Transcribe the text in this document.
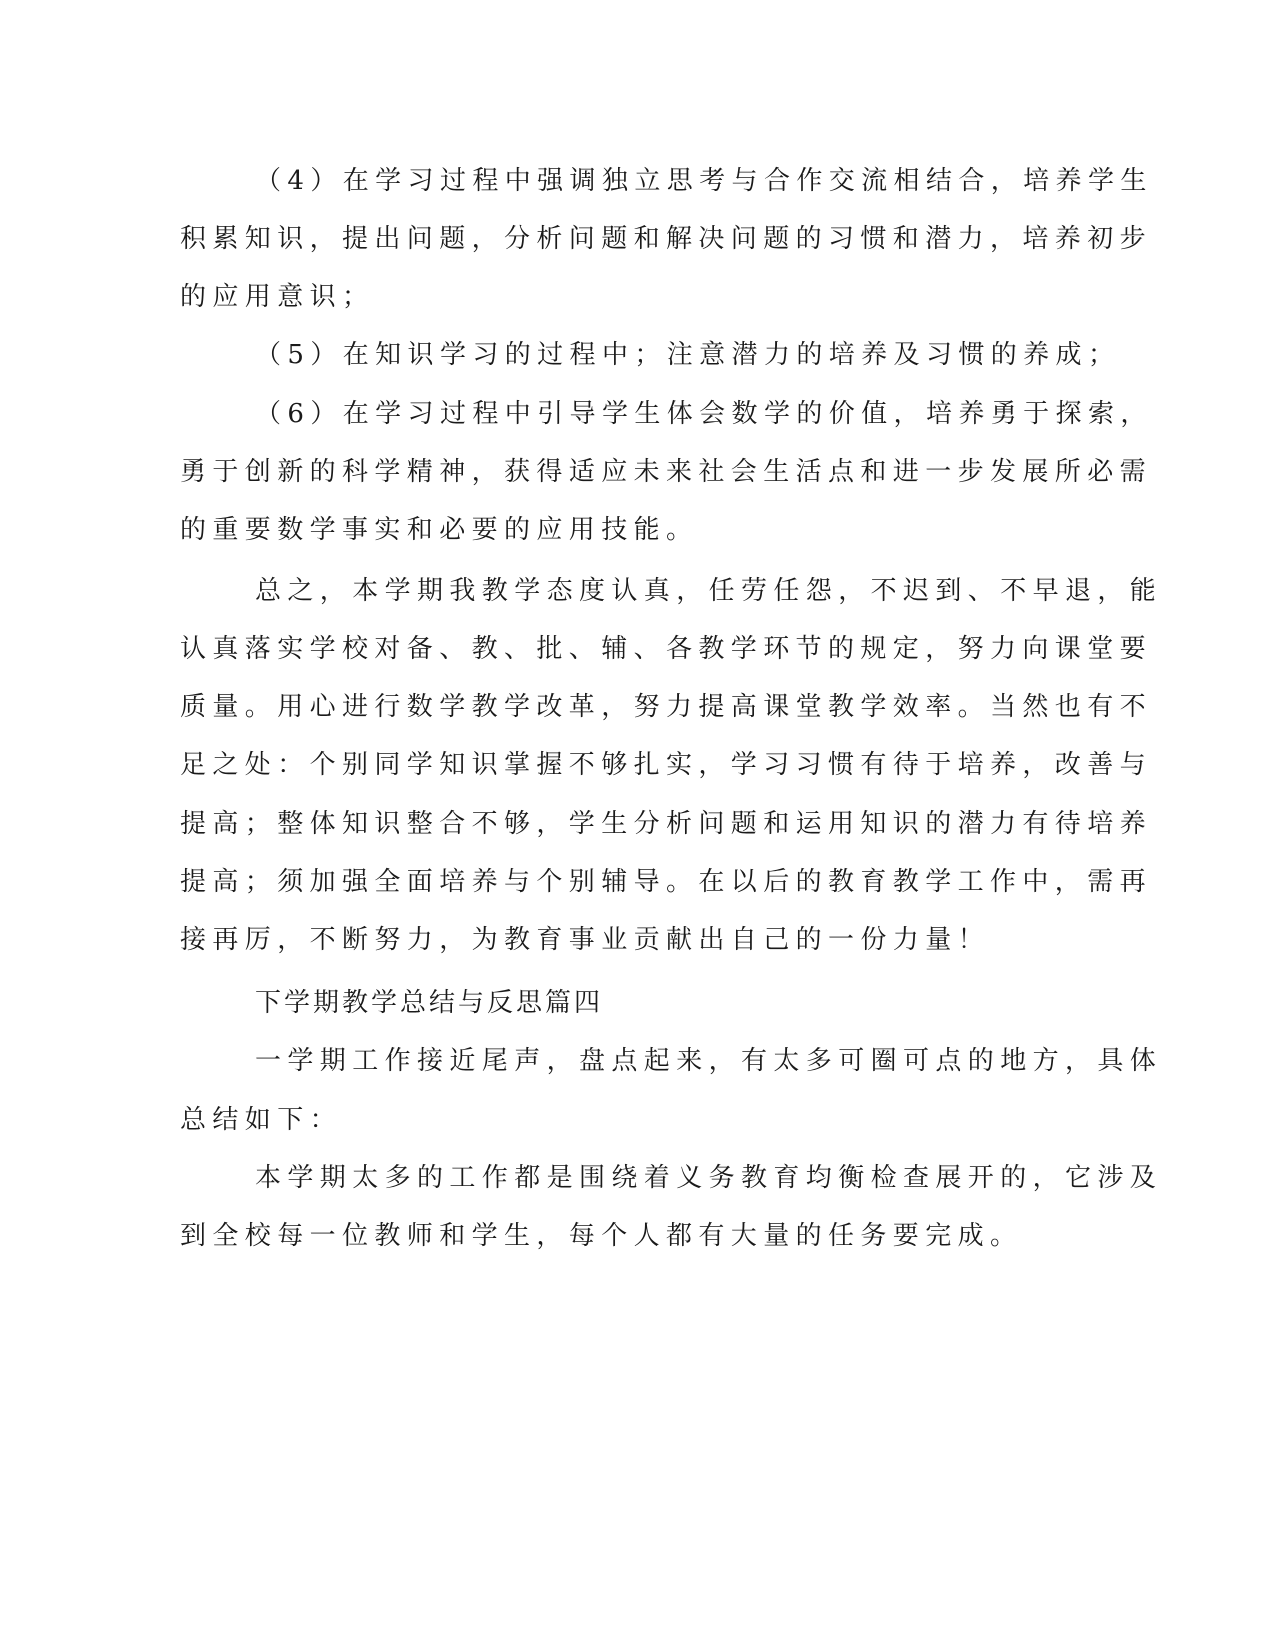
（4）在学习过程中强调独立思考与合作交流相结合，培养学生
积累知识，提出问题，分析问题和解决问题的习惯和潜力，培养初步
的应用意识；
（5）在知识学习的过程中；注意潜力的培养及习惯的养成；
（6）在学习过程中引导学生体会数学的价值，培养勇于探索，
勇于创新的科学精神，获得适应未来社会生活点和进一步发展所必需
的重要数学事实和必要的应用技能。
总之，本学期我教学态度认真，任劳任怨，不迟到、不早退，能
认真落实学校对备、教、批、辅、各教学环节的规定，努力向课堂要
质量。用心进行数学教学改革，努力提高课堂教学效率。当然也有不
足之处：个别同学知识掌握不够扎实，学习习惯有待于培养，改善与
提高；整体知识整合不够，学生分析问题和运用知识的潜力有待培养
提高；须加强全面培养与个别辅导。在以后的教育教学工作中，需再
接再厉，不断努力，为教育事业贡献出自己的一份力量！
下学期教学总结与反思篇四
一学期工作接近尾声，盘点起来，有太多可圈可点的地方，具体
总结如下：
本学期太多的工作都是围绕着义务教育均衡检查展开的，它涉及
到全校每一位教师和学生，每个人都有大量的任务要完成。
